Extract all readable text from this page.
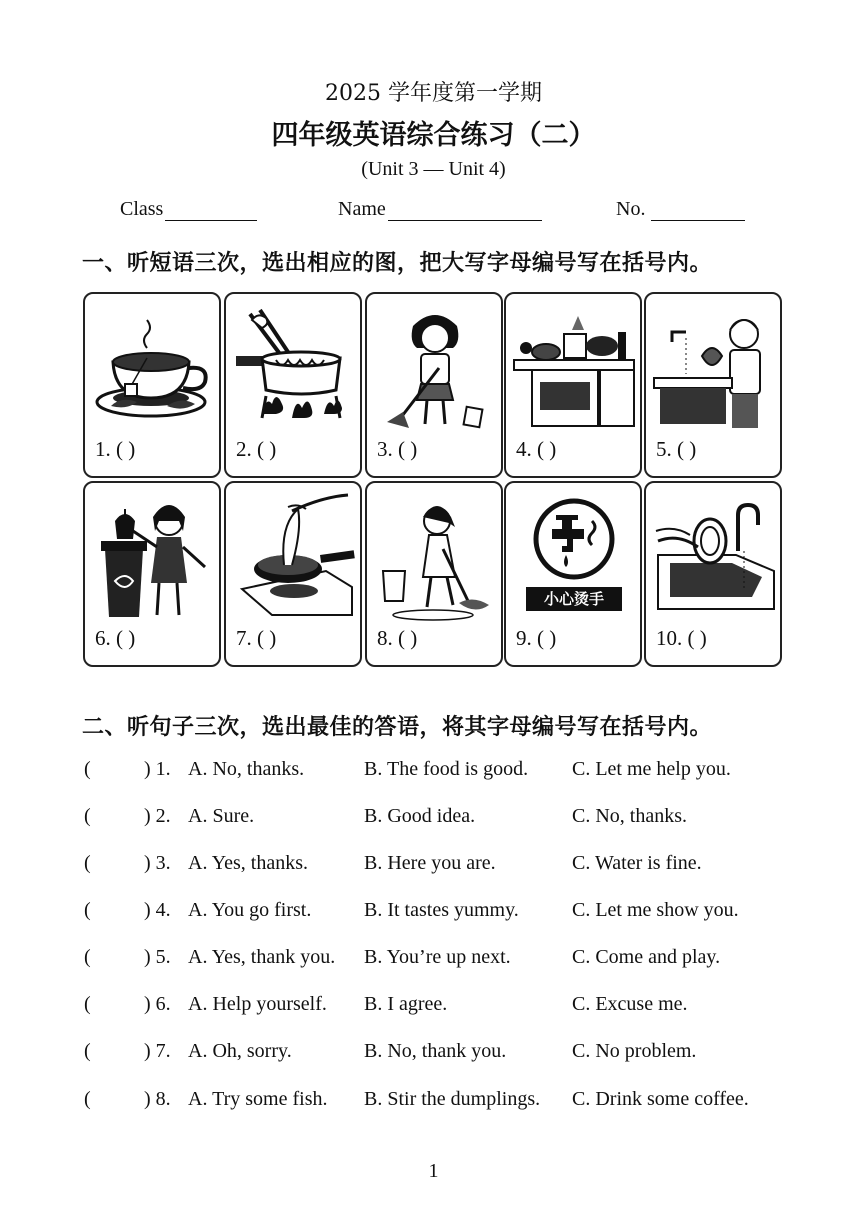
2025 学年度第一学期
四年级英语综合练习（二）
(Unit 3 — Unit 4)
Class	Name	No.
一、听短语三次，选出相应的图，把大写字母编号写在括号内。
1. ( )	2. ( )	3. ( )	4. ( )	5. ( )
6. ( )	7. ( )	8. ( )
小心烫手
9. ( )	10. ( )
二、听句子三次，选出最佳的答语，将其字母编号写在括号内。
(	) 1. A. No, thanks.	B. The food is good. C. Let me help you.
(	) 2. A. Sure.	B. Good idea.	C. No, thanks.
(	) 3. A. Yes, thanks.	B. Here you are.	C. Water is fine.
(	) 4. A. You go first.	B. It tastes yummy.	C. Let me show you.
(	) 5. A. Yes, thank you. B. You’re up next.	C. Come and play.
(	) 6. A. Help yourself. B. I agree.	C. Excuse me.
(	) 7. A. Oh, sorry.	B. No, thank you.	C. No problem.
(	) 8. A. Try some fish. B. Stir the dumplings. C. Drink some coffee.
1
